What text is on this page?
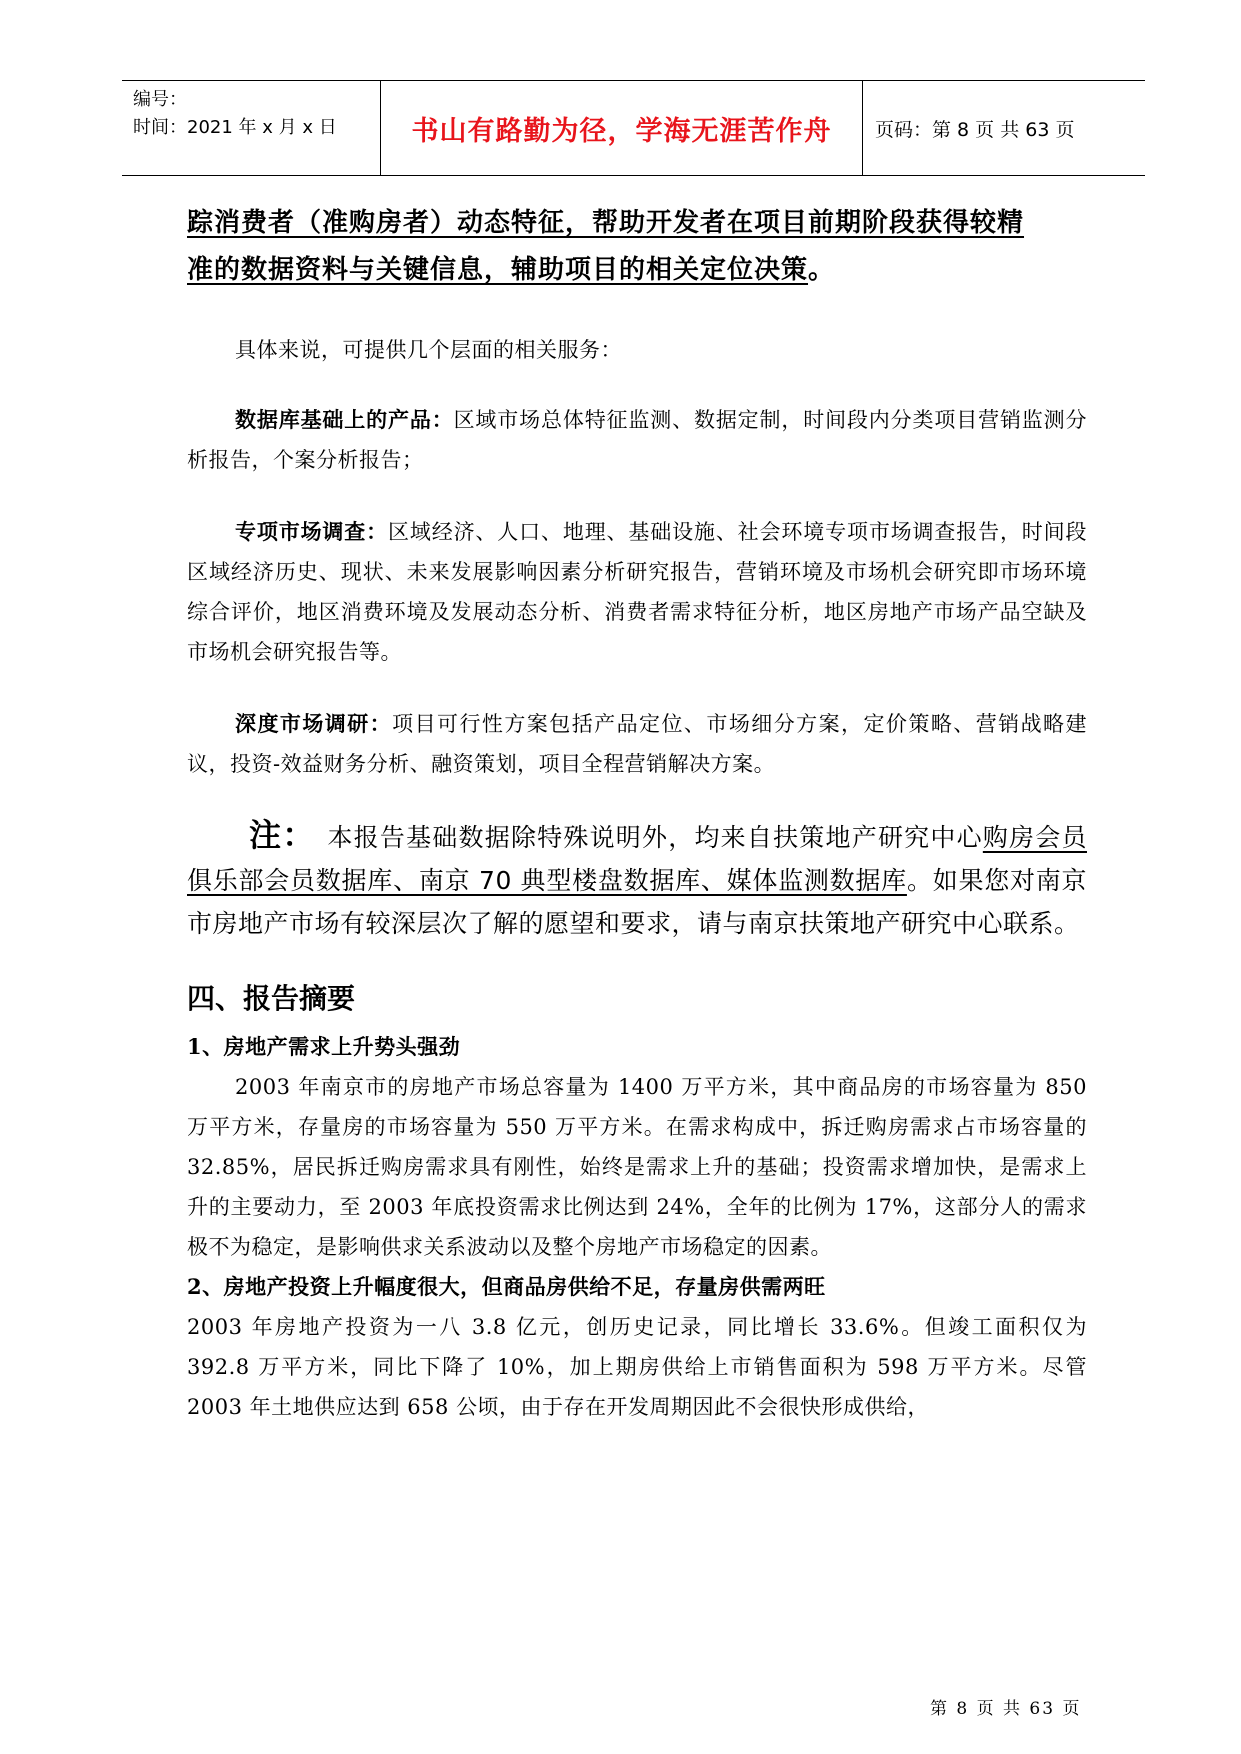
编号：
时间：2021 年 x 月 x 日	书山有路勤为径，学海无涯苦作舟	页码：第 8 页 共 63 页

踪消费者（准购房者）动态特征，帮助开发者在项目前期阶段获得较精

准的数据资料与关键信息，辅助项目的相关定位决策。

具体来说，可提供几个层面的相关服务：

数据库基础上的产品：区域市场总体特征监测、数据定制，时间段内分类项目营销监测分析报告，个案分析报告；

专项市场调查：区域经济、人口、地理、基础设施、社会环境专项市场调查报告，时间段区域经济历史、现状、未来发展影响因素分析研究报告，营销环境及市场机会研究即市场环境综合评价，地区消费环境及发展动态分析、消费者需求特征分析，地区房地产市场产品空缺及市场机会研究报告等。

深度市场调研：项目可行性方案包括产品定位、市场细分方案，定价策略、营销战略建议，投资-效益财务分析、融资策划，项目全程营销解决方案。

注： 本报告基础数据除特殊说明外，均来自扶策地产研究中心购房会员俱乐部会员数据库、南京 70 典型楼盘数据库、媒体监测数据库。如果您对南京市房地产市场有较深层次了解的愿望和要求，请与南京扶策地产研究中心联系。

四、报告摘要

1、房地产需求上升势头强劲

2003 年南京市的房地产市场总容量为 1400 万平方米，其中商品房的市场容量为 850 万平方米，存量房的市场容量为 550 万平方米。在需求构成中，拆迁购房需求占市场容量的 32.85%，居民拆迁购房需求具有刚性，始终是需求上升的基础；投资需求增加快，是需求上升的主要动力，至 2003 年底投资需求比例达到 24%，全年的比例为 17%，这部分人的需求极不为稳定，是影响供求关系波动以及整个房地产市场稳定的因素。

2、房地产投资上升幅度很大，但商品房供给不足，存量房供需两旺

2003 年房地产投资为一八 3.8 亿元，创历史记录，同比增长 33.6%。但竣工面积仅为 392.8 万平方米，同比下降了 10%，加上期房供给上市销售面积为 598 万平方米。尽管 2003 年土地供应达到 658 公顷，由于存在开发周期因此不会很快形成供给，

第 8 页 共 63 页
